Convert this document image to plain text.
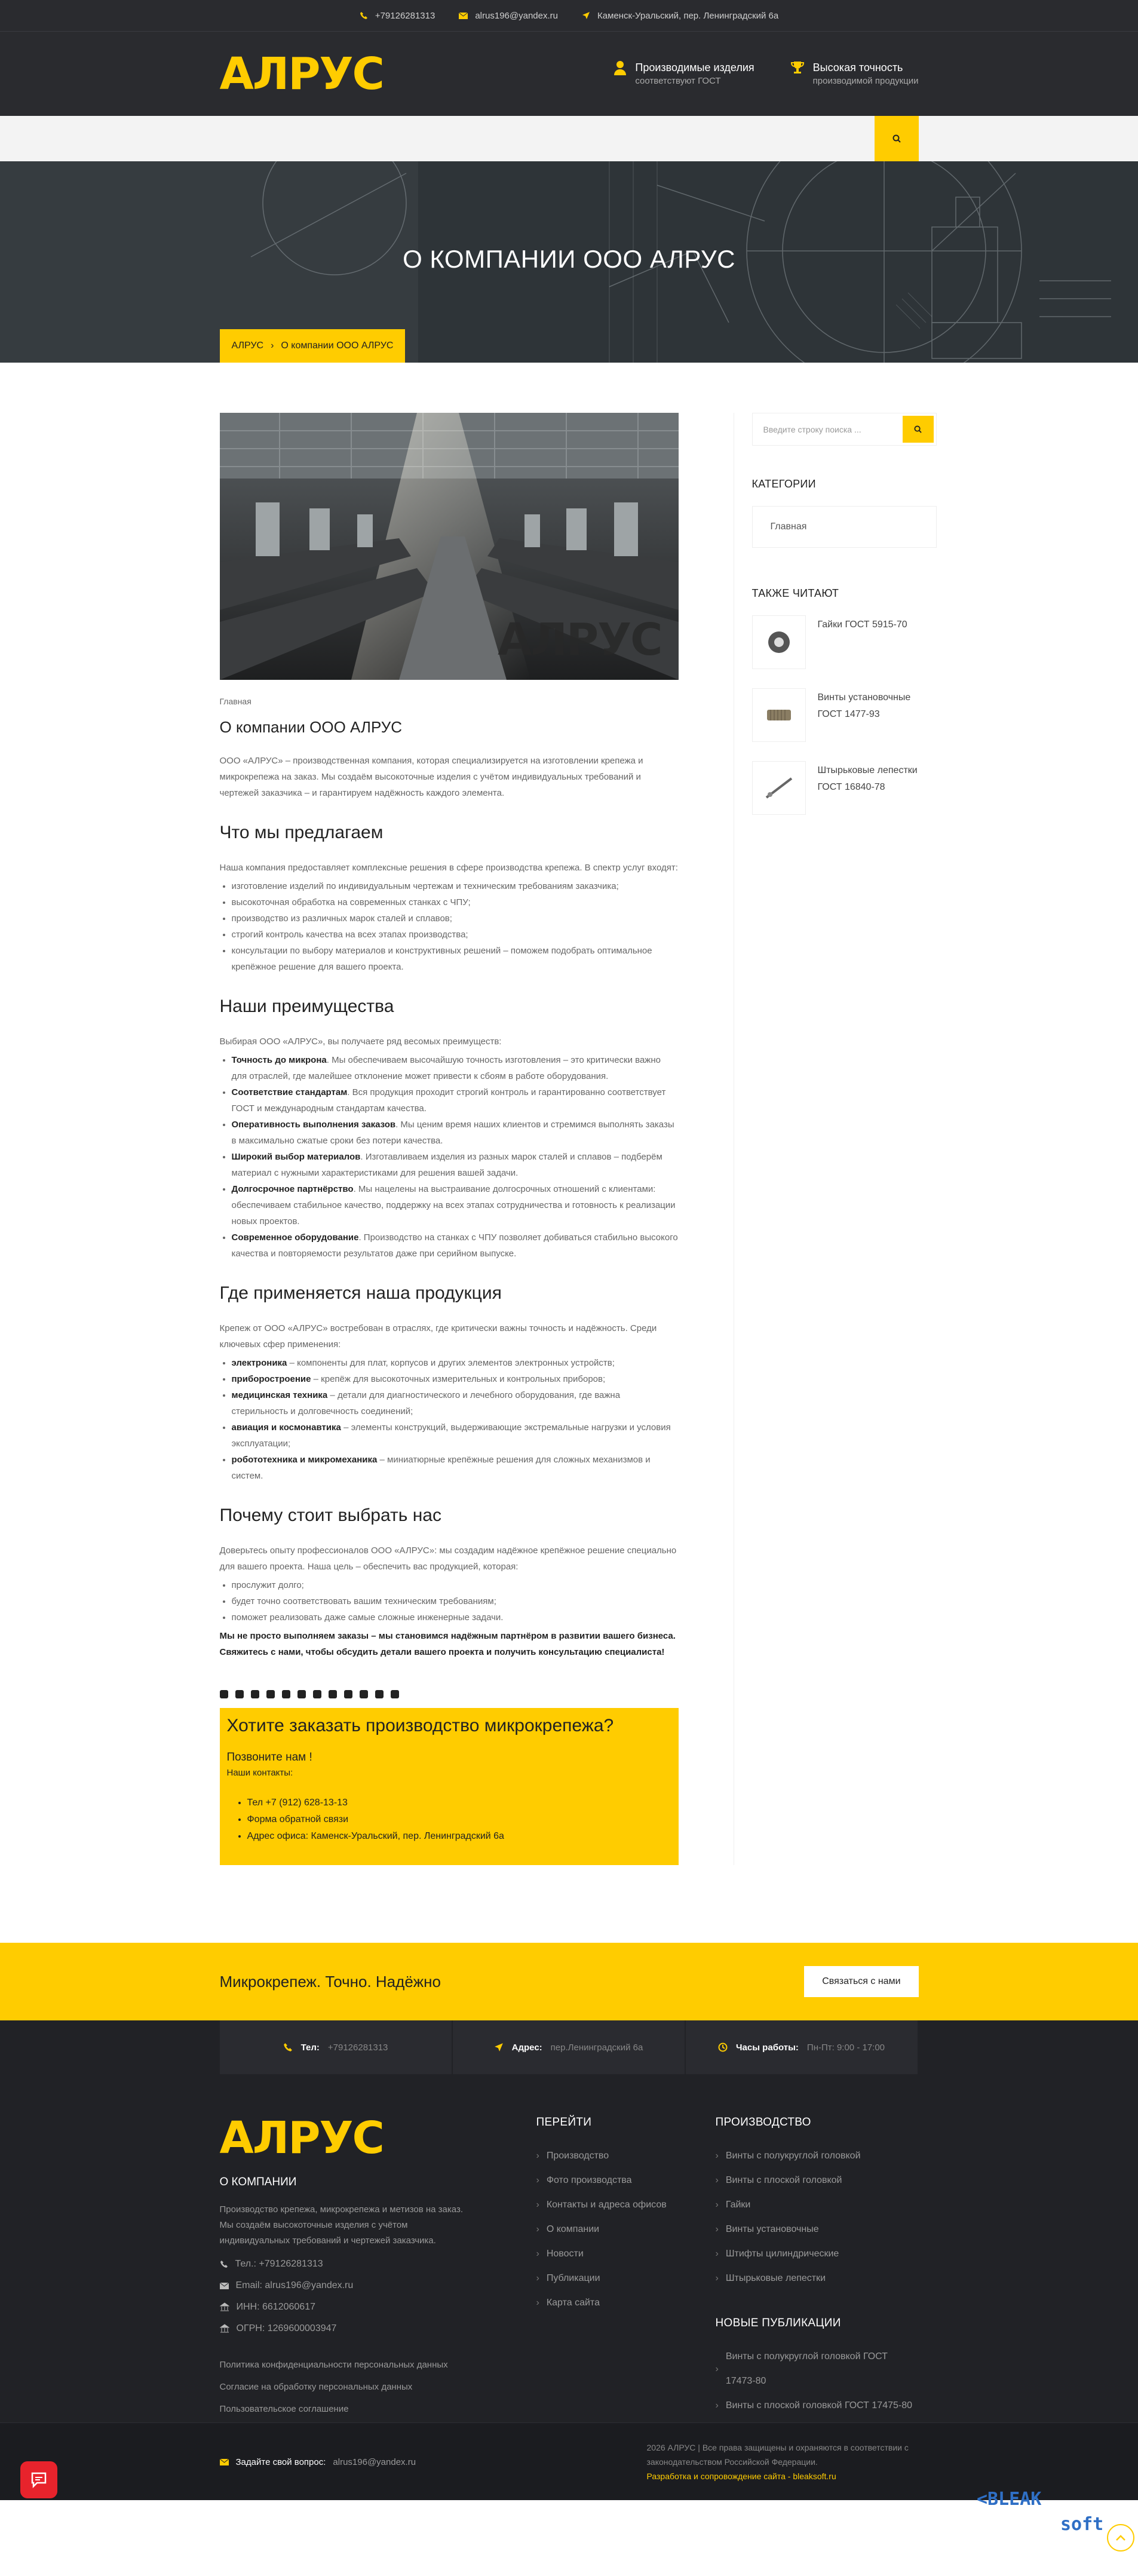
+79126281313	alrus196@yandex.ru	Каменск-Уральский, пер. Ленинградский 6а
АЛРУС	Производимые изделия
соответствуют ГОСТ
Высокая точность
производимой продукции
Главная	Производство	Контакты	Публикации
О КОМПАНИИ ООО АЛРУС
АЛРУС › О компании ООО АЛРУС
АЛРУС
Главная
О компании ООО АЛРУС

ООО «АЛРУС» – производственная компания, которая специализируется на изготовлении крепежа и микрокрепежа на заказ. Мы создаём высокоточные изделия с учётом индивидуальных требований и чертежей заказчика – и гарантируем надёжность каждого элемента.

Что мы предлагаем

Наша компания предоставляет комплексные решения в сфере производства крепежа. В спектр услуг входят:

• изготовление изделий по индивидуальным чертежам и техническим требованиям заказчика;
• высокоточная обработка на современных станках с ЧПУ;
• производство из различных марок сталей и сплавов;
• строгий контроль качества на всех этапах производства;
• консультации по выбору материалов и конструктивных решений – поможем подобрать оптимальное крепёжное решение для вашего проекта.
Наши преимущества

Выбирая ООО «АЛРУС», вы получаете ряд весомых преимуществ:

• Точность до микрона. Мы обеспечиваем высочайшую точность изготовления – это критически важно для отраслей, где малейшее отклонение может привести к сбоям в работе оборудования.
• Соответствие стандартам. Вся продукция проходит строгий контроль и гарантированно соответствует ГОСТ и международным стандартам качества.
• Оперативность выполнения заказов. Мы ценим время наших клиентов и стремимся выполнять заказы в максимально сжатые сроки без потери качества.
• Широкий выбор материалов. Изготавливаем изделия из разных марок сталей и сплавов – подберём материал с нужными характеристиками для решения вашей задачи.
• Долгосрочное партнёрство. Мы нацелены на выстраивание долгосрочных отношений с клиентами: обеспечиваем стабильное качество, поддержку на всех этапах сотрудничества и готовность к реализации новых проектов.
• Современное оборудование. Производство на станках с ЧПУ позволяет добиваться стабильно высокого качества и повторяемости результатов даже при серийном выпуске.
Где применяется наша продукция

Крепеж от ООО «АЛРУС» востребован в отраслях, где критически важны точность и надёжность. Среди ключевых сфер применения:

• электроника – компоненты для плат, корпусов и других элементов электронных устройств;
• приборостроение – крепёж для высокоточных измерительных и контрольных приборов;
• медицинская техника – детали для диагностического и лечебного оборудования, где важна стерильность и долговечность соединений;
• авиация и космонавтика – элементы конструкций, выдерживающие экстремальные нагрузки и условия эксплуатации;
• робототехника и микромеханика – миниатюрные крепёжные решения для сложных механизмов и систем.
Почему стоит выбрать нас

Доверьтесь опыту профессионалов ООО «АЛРУС»: мы создадим надёжное крепёжное решение специально для вашего проекта. Наша цель – обеспечить вас продукцией, которая:

• прослужит долго;
• будет точно соответствовать вашим техническим требованиям;
• поможет реализовать даже самые сложные инженерные задачи.

Мы не просто выполняем заказы – мы становимся надёжным партнёром в развитии вашего бизнеса. Свяжитесь с нами, чтобы обсудить детали вашего проекта и получить консультацию специалиста!

Хотите заказать производство микрокрепежа?
Позвоните нам !
Наши контакты:
• Тел +7 (912) 628-13-13
• Форма обратной связи
• Адрес офиса: Каменск-Уральский, пер. Ленинградский 6а
Введите строку поиска ...
КАТЕГОРИИ
Главная
ТАКЖЕ ЧИТАЮТ
Гайки ГОСТ 5915-70
Винты установочные ГОСТ 1477-93
Штырьковые лепестки ГОСТ 16840-78
Микрокрепеж. Точно. Надёжно	Связаться с нами
Тел: +79126281313	Адрес: пер.Ленинградский 6а	Часы работы: Пн-Пт: 9:00 - 17:00
АЛРУС
О КОМПАНИИ
Производство крепежа, микрокрепежа и метизов на заказ. Мы создаём высокоточные изделия с учётом индивидуальных требований и чертежей заказчика.
Тел.: +79126281313
Email: alrus196@yandex.ru
ИНН: 6612060617
ОГРН: 1269600003947
Политика конфиденциальности персональных данных
Согласие на обработку персональных данных
Пользовательское соглашение
ПЕРЕЙТИ
› Производство
› Фото производства
› Контакты и адреса офисов
› О компании
› Новости
› Публикации
› Карта сайта
ПРОИЗВОДСТВО
› Винты с полукруглой головкой
› Винты с плоской головкой
› Гайки
› Винты установочные
› Штифты цилиндрические
› Штырьковые лепестки
НОВЫЕ ПУБЛИКАЦИИ
› Винты с полукруглой головкой ГОСТ 17473-80
› Винты с плоской головкой ГОСТ 17475-80
›
›
Задайте свой вопрос: alrus196@yandex.ru
2026 АЛРУС | Все права защищены и охраняются в соответствии с законодательством Российской Федерации.
Разработка и сопровождение сайта - bleaksoft.ru
<BLEAK
soft
